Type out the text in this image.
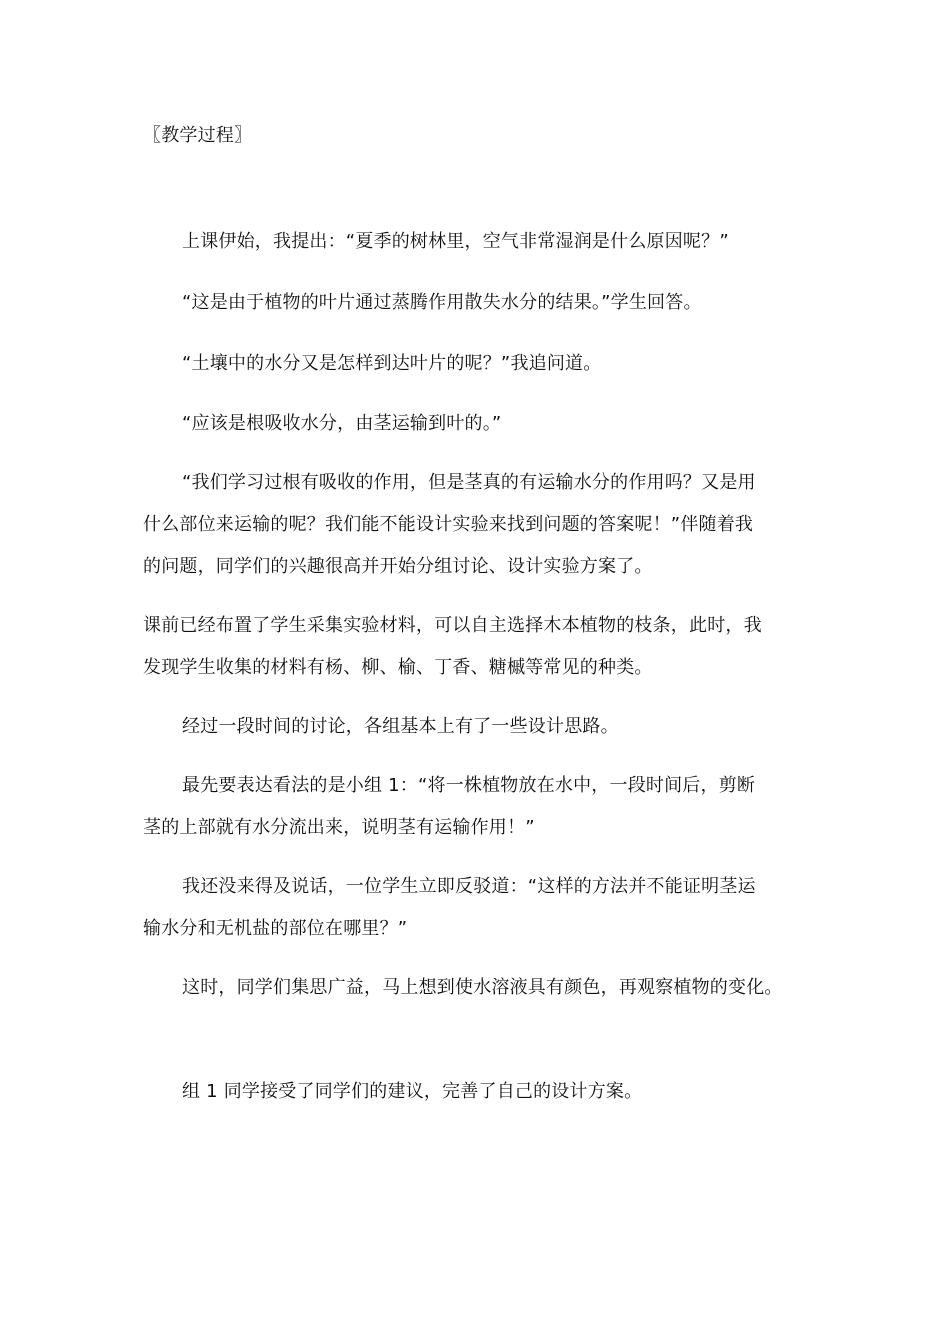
〖教学过程〗
上课伊始，我提出：“夏季的树林里，空气非常湿润是什么原因呢？”
“这是由于植物的叶片通过蒸腾作用散失水分的结果。”学生回答。
“土壤中的水分又是怎样到达叶片的呢？”我追问道。
“应该是根吸收水分，由茎运输到叶的。”
“我们学习过根有吸收的作用，但是茎真的有运输水分的作用吗？又是用
什么部位来运输的呢？我们能不能设计实验来找到问题的答案呢！”伴随着我
的问题，同学们的兴趣很高并开始分组讨论、设计实验方案了。
课前已经布置了学生采集实验材料，可以自主选择木本植物的枝条，此时，我
发现学生收集的材料有杨、柳、榆、丁香、糖槭等常见的种类。
经过一段时间的讨论，各组基本上有了一些设计思路。
最先要表达看法的是小组 1：“将一株植物放在水中，一段时间后，剪断
茎的上部就有水分流出来，说明茎有运输作用！”
我还没来得及说话，一位学生立即反驳道：“这样的方法并不能证明茎运
输水分和无机盐的部位在哪里？”
这时，同学们集思广益，马上想到使水溶液具有颜色，再观察植物的变化。
组 1 同学接受了同学们的建议，完善了自己的设计方案。
